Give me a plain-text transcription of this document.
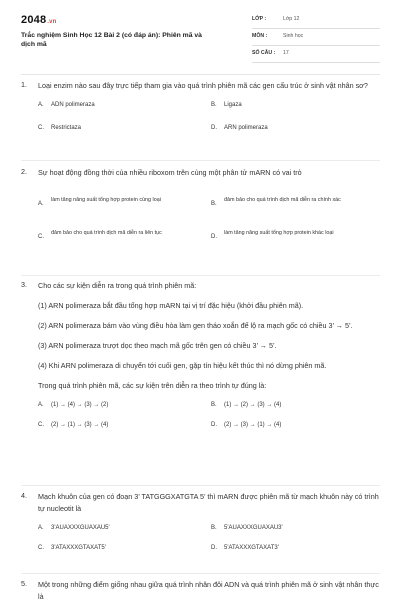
2048.vn
Trắc nghiệm Sinh Học 12 Bài 2 (có đáp án): Phiên mã và dịch mã
LỚP :	Lớp 12
MÔN :	Sinh học
SỐ CÂU : 17
1. Loại enzim nào sau đây trực tiếp tham gia vào quá trình phiên mã các gen cấu trúc ở sinh vật nhân sơ?
A. ADN polimeraza	B. Ligaza
C. Restrictaza	D. ARN polimeraza
2. Sự hoạt động đồng thời của nhiều riboxom trên cùng một phân tử mARN có vai trò
A.
làm tăng năng suất tổng hợp protein cùng loại
B.
đảm bảo cho quá trình dịch mã diễn ra chính xác
C.
đảm bảo cho quá trình dịch mã diễn ra liên tục
D.
làm tăng năng suất tổng hợp protein khác loại
3. Cho các sự kiện diễn ra trong quá trình phiên mã:
(1) ARN polimeraza bắt đầu tổng hợp mARN tại vị trí đặc hiệu (khởi đầu phiên mã).
(2) ARN polimeraza bám vào vùng điều hòa làm gen tháo xoắn để lộ ra mạch gốc có chiều 3’ → 5’.
(3) ARN polimeraza trượt dọc theo mạch mã gốc trên gen có chiều 3’ → 5’.
(4) Khi ARN polimeraza di chuyển tới cuối gen, gặp tín hiệu kết thúc thì nó dừng phiên mã.
Trong quá trình phiên mã, các sự kiện trên diễn ra theo trình tự đúng là:
A. (1) → (4) → (3) → (2)	B. (1) → (2) → (3) → (4)
C. (2) → (1) → (3) → (4)	D. (2) → (3) → (1) → (4)
4. Mạch khuôn của gen có đoạn 3’ TATGGGXATGTA 5’ thì mARN được phiên mã từ mạch khuôn này có trình tự nucleotit là
A. 3'AUAXXXGUAXAU5'	B. 5'AUAXXXGUAXAU3'
C. 3'ATAXXXGTAXAT5'	D. 5'ATAXXXGTAXAT3'
5. Một trong những điểm giống nhau giữa quá trình nhân đôi ADN và quá trình phiên mã ở sinh vật nhân thực là
